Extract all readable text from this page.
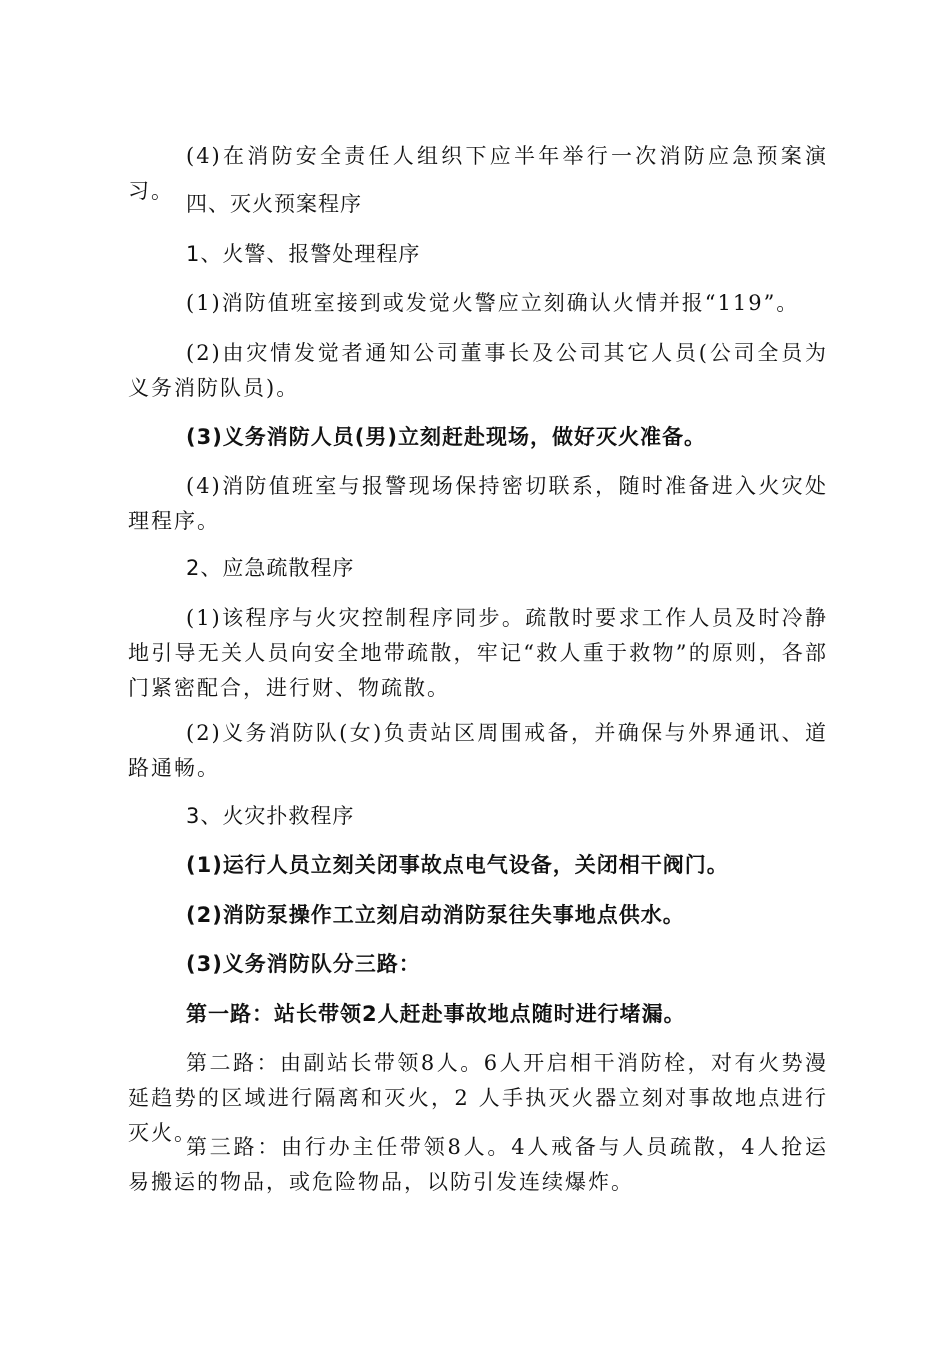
(4)在消防安全责任人组织下应半年举行一次消防应急预案演习。
四、灭火预案程序
1、火警、报警处理程序
(1)消防值班室接到或发觉火警应立刻确认火情并报“119”。
(2)由灾情发觉者通知公司董事长及公司其它人员(公司全员为义务消防队员)。
(3)义务消防人员(男)立刻赶赴现场，做好灭火准备。
(4)消防值班室与报警现场保持密切联系，随时准备进入火灾处理程序。
2、应急疏散程序
(1)该程序与火灾控制程序同步。疏散时要求工作人员及时冷静地引导无关人员向安全地带疏散，牢记“救人重于救物”的原则，各部门紧密配合，进行财、物疏散。
(2)义务消防队(女)负责站区周围戒备，并确保与外界通讯、道路通畅。
3、火灾扑救程序
(1)运行人员立刻关闭事故点电气设备，关闭相干阀门。
(2)消防泵操作工立刻启动消防泵往失事地点供水。
(3)义务消防队分三路：
第一路：站长带领2人赶赴事故地点随时进行堵漏。
第二路：由副站长带领8人。6人开启相干消防栓，对有火势漫延趋势的区域进行隔离和灭火，2 人手执灭火器立刻对事故地点进行灭火。
第三路：由行办主任带领8人。4人戒备与人员疏散，4人抢运易搬运的物品，或危险物品，以防引发连续爆炸。
